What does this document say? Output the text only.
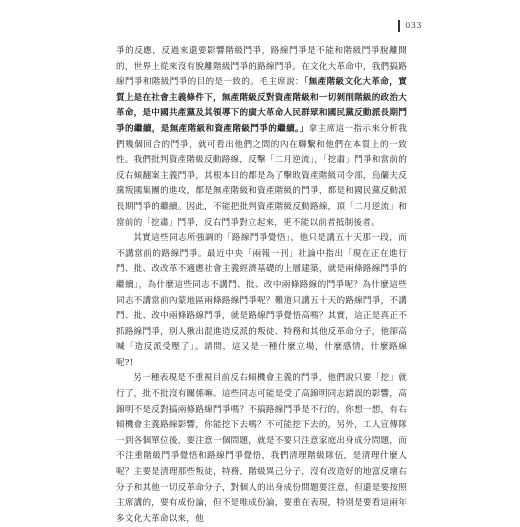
033

爭的反應，反過來還要影響階級鬥爭，路線鬥爭是不能和階級鬥爭脫離開的，世界上從來沒有脫離階級鬥爭的路線鬥爭。在文化大革命中，我們搞路線鬥爭和階級鬥爭的目的是一致的。毛主席說：「無產階級文化大革命，實質上是在社會主義條件下，無產階級反對資產階級和一切剝削階級的政治大革命，是中國共產黨及其領導下的廣大革命人民群眾和國民黨反動派長期鬥爭的繼續，是無產階級和資產階級鬥爭的繼續。」拿主席這一指示來分析我們幾個回合的鬥爭，就可看出他們之間的內在聯繫和他們在本質上的一致性。我們批判資產階級反動路線，反擊「二月逆流」，「挖肅」鬥爭和當前的反右傾翻案主義鬥爭，其根本目的都是為了擊敗資產階級司令部，烏蘭夫反黨叛國集團的進攻，都是無產階級和資產階級的鬥爭，都是和國民黨反動派長期鬥爭的繼續。因此，不能把批判資產階級反動路線，頂「二月逆流」和當前的「挖肅」鬥爭，反右鬥爭對立起來，更不能以前者抵制後者。

其實這些同志所強調的「路線鬥爭覺悟」，他只是講五十天那一段，而不講當前的路線鬥爭。最近中央「兩報一刊」社論中指出「現在正在進行鬥、批、改改革不適應社會主義經濟基礎的上層建築，就是兩條路線鬥爭的繼續」，為什麼這些同志不講鬥、批、改中兩條路線的鬥爭呢？為什麼這些同志不講當前內蒙地區兩條路線鬥爭呢？難道只講五十天的路線鬥爭，不講鬥、批、改中兩條路線鬥爭，就是路線鬥爭覺悟高嗎？其實，這正是真正不抓路線鬥爭，別人揪出混進造反派的叛徒、特務和其他反革命分子，他卻高喊「造反派受壓了」。請問，這又是一種什麼立場，什麼感情，什麼路線呢?!

另一種表現是不重視目前反右傾機會主義的鬥爭，他們說只要「挖」就行了，批不批沒有關係嘛。這些同志可能是受了高錦明同志錯誤的影響，高錦明不是反對搞兩條路線鬥爭嗎？不搞路線鬥爭是不行的，你想一想，有右傾機會主義路線影響，你能挖下去嗎？不可能挖下去的，另外，工人宣傳隊一到各個單位後，要注意一個問題，就是不要只注意家庭出身成分問題，而不注重階級鬥爭覺悟和路線鬥爭覺悟，我們清理階級隊伍，是清理什麼人呢？主要是清理那些叛徒，特務，階級異己分子，沒有改造好的地富反壞右分子和其他一切反革命分子，對個人的出身成份問題要注意，但還是要按照主席講的，要有成份論，但不是唯成份論，要重在表現，特別是要看這兩年多文化大革命以來，他
